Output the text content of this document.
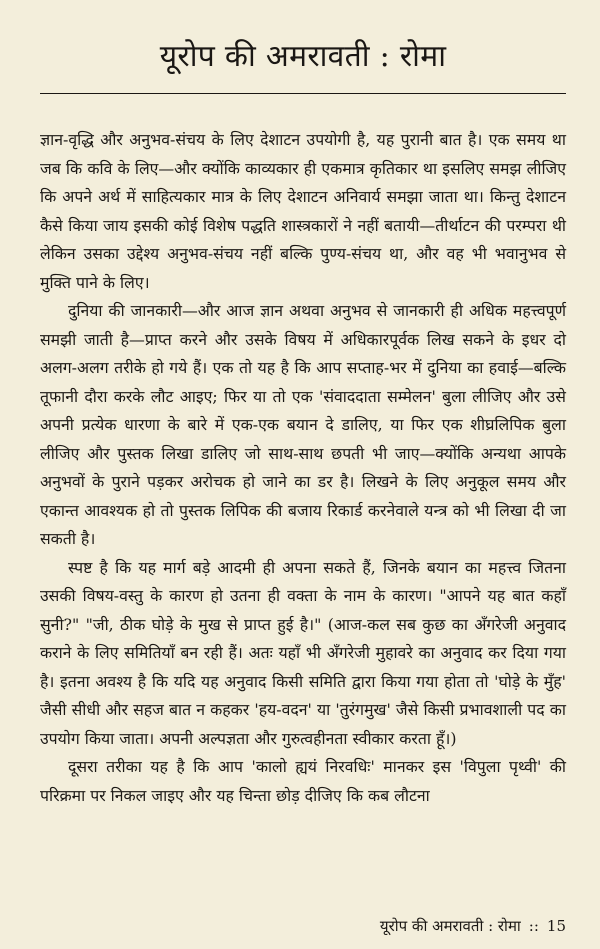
यूरोप की अमरावती : रोमा

ज्ञान-वृद्धि और अनुभव-संचय के लिए देशाटन उपयोगी है, यह पुरानी बात है। एक समय था जब कि कवि के लिए—और क्योंकि काव्यकार ही एकमात्र कृतिकार था इसलिए समझ लीजिए कि अपने अर्थ में साहित्यकार मात्र के लिए देशाटन अनिवार्य समझा जाता था। किन्तु देशाटन कैसे किया जाय इसकी कोई विशेष पद्धति शास्त्रकारों ने नहीं बतायी—तीर्थाटन की परम्परा थी लेकिन उसका उद्देश्य अनुभव-संचय नहीं बल्कि पुण्य-संचय था, और वह भी भवानुभव से मुक्ति पाने के लिए।

दुनिया की जानकारी—और आज ज्ञान अथवा अनुभव से जानकारी ही अधिक महत्त्वपूर्ण समझी जाती है—प्राप्त करने और उसके विषय में अधिकारपूर्वक लिख सकने के इधर दो अलग-अलग तरीके हो गये हैं। एक तो यह है कि आप सप्ताह-भर में दुनिया का हवाई—बल्कि तूफानी दौरा करके लौट आइए; फिर या तो एक 'संवाददाता सम्मेलन' बुला लीजिए और उसे अपनी प्रत्येक धारणा के बारे में एक-एक बयान दे डालिए, या फिर एक शीघ्रलिपिक बुला लीजिए और पुस्तक लिखा डालिए जो साथ-साथ छपती भी जाए—क्योंकि अन्यथा आपके अनुभवों के पुराने पड़कर अरोचक हो जाने का डर है। लिखने के लिए अनुकूल समय और एकान्त आवश्यक हो तो पुस्तक लिपिक की बजाय रिकार्ड करनेवाले यन्त्र को भी लिखा दी जा सकती है।

स्पष्ट है कि यह मार्ग बड़े आदमी ही अपना सकते हैं, जिनके बयान का महत्त्व जितना उसकी विषय-वस्तु के कारण हो उतना ही वक्ता के नाम के कारण। "आपने यह बात कहाँ सुनी?" "जी, ठीक घोड़े के मुख से प्राप्त हुई है।" (आज-कल सब कुछ का अँगरेजी अनुवाद कराने के लिए समितियाँ बन रही हैं। अतः यहाँ भी अँगरेजी मुहावरे का अनुवाद कर दिया गया है। इतना अवश्य है कि यदि यह अनुवाद किसी समिति द्वारा किया गया होता तो 'घोड़े के मुँह' जैसी सीधी और सहज बात न कहकर 'हय-वदन' या 'तुरंगमुख' जैसे किसी प्रभावशाली पद का उपयोग किया जाता। अपनी अल्पज्ञता और गुरुत्वहीनता स्वीकार करता हूँ।)

दूसरा तरीका यह है कि आप 'कालो ह्ययं निरवधिः' मानकर इस 'विपुला पृथ्वी' की परिक्रमा पर निकल जाइए और यह चिन्ता छोड़ दीजिए कि कब लौटना

यूरोप की अमरावती : रोमा :: 15
